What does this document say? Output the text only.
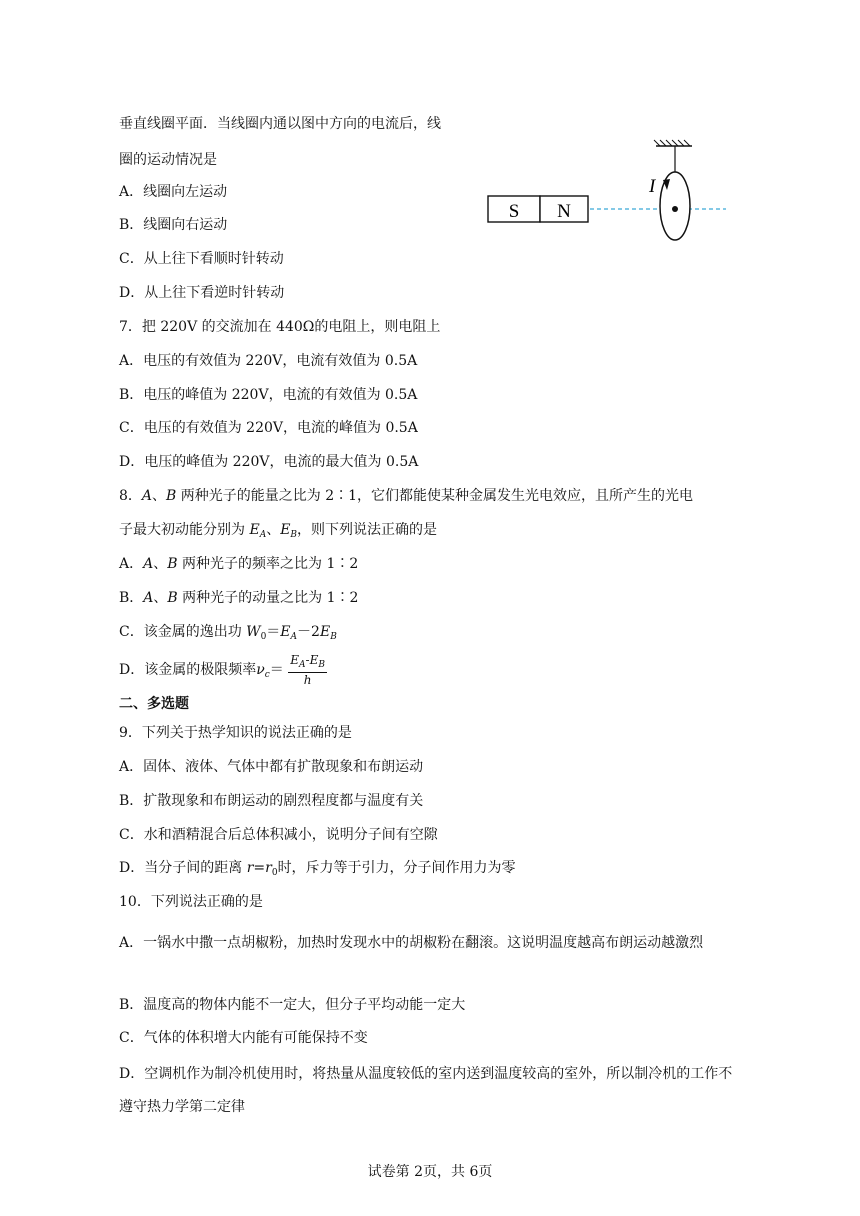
垂直线圈平面．当线圈内通以图中方向的电流后，线
圈的运动情况是
A．线圈向左运动
B．线圈向右运动
C．从上往下看顺时针转动
D．从上往下看逆时针转动
S N
I
7．把 220V 的交流加在 440Ω的电阻上，则电阻上
A．电压的有效值为 220V，电流有效值为 0.5A
B．电压的峰值为 220V，电流的有效值为 0.5A
C．电压的有效值为 220V，电流的峰值为 0.5A
D．电压的峰值为 220V，电流的最大值为 0.5A
8．A、B 两种光子的能量之比为 2∶1，它们都能使某种金属发生光电效应，且所产生的光电
子最大初动能分别为 $E_A$、$E_B$，则下列说法正确的是
A．A、B 两种光子的频率之比为 1∶2
B．A、B 两种光子的动量之比为 1∶2
C．该金属的逸出功 $W_0=E_A-2E_B$
D．该金属的极限频率$\nu_c= \frac{E_A-E_B}{h}$
二、多选题
9．下列关于热学知识的说法正确的是
A．固体、液体、气体中都有扩散现象和布朗运动
B．扩散现象和布朗运动的剧烈程度都与温度有关
C．水和酒精混合后总体积减小，说明分子间有空隙
D．当分子间的距离 $r=r_0$时，斥力等于引力，分子间作用力为零
10．下列说法正确的是
A．一锅水中撒一点胡椒粉，加热时发现水中的胡椒粉在翻滚。这说明温度越高布朗运动越激烈
B．温度高的物体内能不一定大，但分子平均动能一定大
C．气体的体积增大内能有可能保持不变
D．空调机作为制冷机使用时，将热量从温度较低的室内送到温度较高的室外，所以制冷机的工作不遵守热力学第二定律
试卷第 2页，共 6页
